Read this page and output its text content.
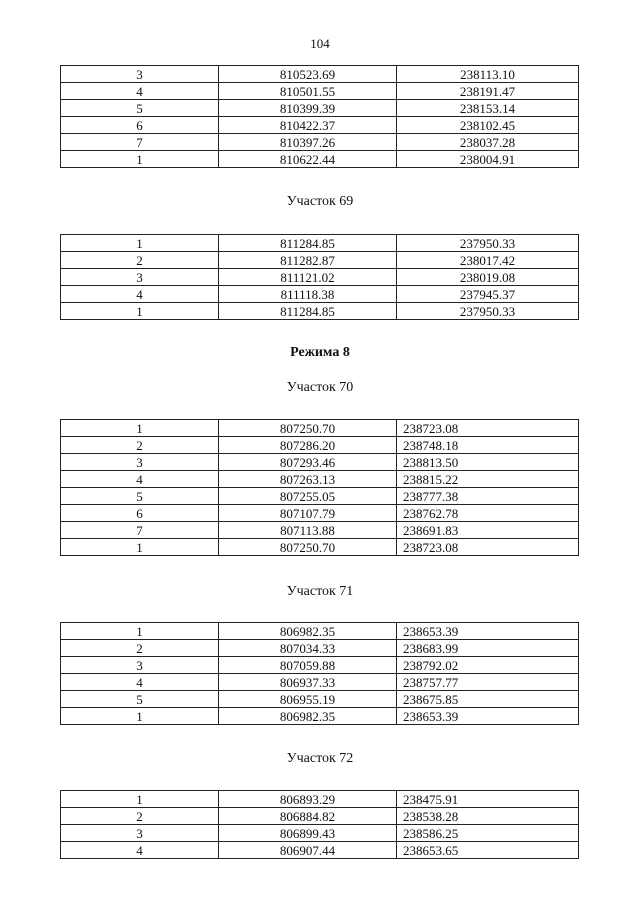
104
3	810523.69	238113.10
4	810501.55	238191.47
5	810399.39	238153.14
6	810422.37	238102.45
7	810397.26	238037.28
1	810622.44	238004.91
Участок 69
1	811284.85	237950.33
2	811282.87	238017.42
3	811121.02	238019.08
4	811118.38	237945.37
1	811284.85	237950.33
Режима 8
Участок 70
1	807250.70	238723.08
2	807286.20	238748.18
3	807293.46	238813.50
4	807263.13	238815.22
5	807255.05	238777.38
6	807107.79	238762.78
7	807113.88	238691.83
1	807250.70	238723.08
Участок 71
1	806982.35	238653.39
2	807034.33	238683.99
3	807059.88	238792.02
4	806937.33	238757.77
5	806955.19	238675.85
1	806982.35	238653.39
Участок 72
1	806893.29	238475.91
2	806884.82	238538.28
3	806899.43	238586.25
4	806907.44	238653.65
